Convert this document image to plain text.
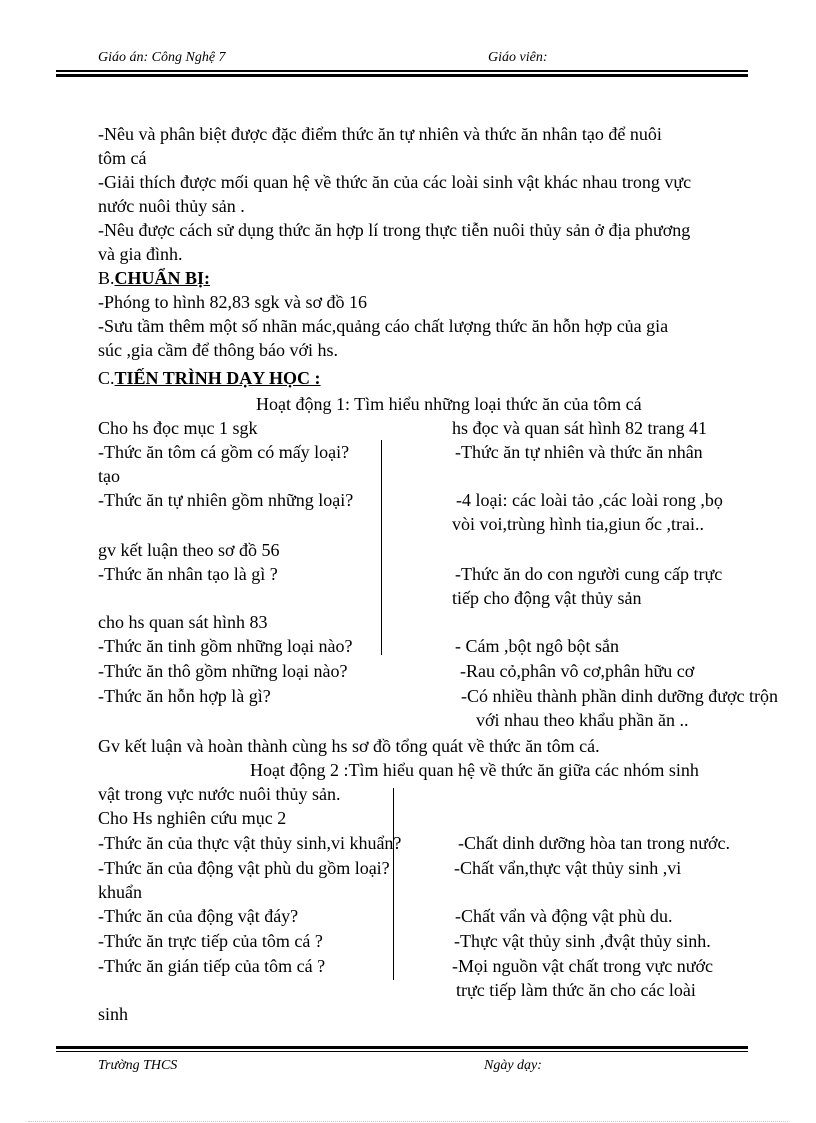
Giáo án: Công Nghệ 7	Giáo viên:
-Nêu và phân biệt được đặc điểm thức ăn tự nhiên và thức ăn nhân tạo để nuôi
tôm cá
-Giải thích được mối quan hệ về thức ăn của các loài sinh vật khác nhau trong vực
nước nuôi thủy sản .
-Nêu được cách sử dụng thức ăn hợp lí trong thực tiễn nuôi thủy sản ở địa phương
và gia đình.
B.CHUẨN BỊ:
-Phóng to hình 82,83 sgk và sơ đồ 16
-Sưu tầm thêm một số nhãn mác,quảng cáo chất lượng thức ăn hỗn hợp của gia
súc ,gia cầm để thông báo với hs.
C.TIẾN TRÌNH DẠY HỌC :
Hoạt động 1: Tìm hiểu những loại thức ăn của tôm cá
Cho hs đọc mục 1 sgk	hs đọc và quan sát hình 82 trang 41
-Thức ăn tôm cá gồm có mấy loại?	-Thức ăn tự nhiên và thức ăn nhân
tạo
-Thức ăn tự nhiên gồm những loại?	-4 loại: các loài tảo ,các loài rong ,bọ
vòi voi,trùng hình tia,giun ốc ,trai..
gv kết luận theo sơ đồ 56
-Thức ăn nhân tạo là gì ?	-Thức ăn do con người cung cấp trực
tiếp cho động vật thủy sản
cho hs quan sát hình 83
-Thức ăn tinh gồm những loại nào?	- Cám ,bột ngô bột sắn
-Thức ăn thô gồm những loại nào?	-Rau cỏ,phân vô cơ,phân hữu cơ
-Thức ăn hỗn hợp là gì?	-Có nhiều thành phần dinh dưỡng được trộn
với nhau theo khẩu phần ăn ..
Gv kết luận và hoàn thành cùng hs sơ đồ tổng quát về thức ăn tôm cá.
Hoạt động 2 :Tìm hiểu quan hệ về thức ăn giữa các nhóm sinh
vật trong vực nước nuôi thủy sản.
Cho Hs nghiên cứu mục 2
-Thức ăn của thực vật thủy sinh,vi khuẩn?	-Chất dinh dưỡng hòa tan trong nước.
-Thức ăn của động vật phù du gồm loại?	-Chất vẩn,thực vật thủy sinh ,vi
khuẩn
-Thức ăn của động vật đáy?	-Chất vẩn và động vật phù du.
-Thức ăn trực tiếp của tôm cá ?	-Thực vật thủy sinh ,đvật thủy sinh.
-Thức ăn gián tiếp của tôm cá ?	-Mọi nguồn vật chất trong vực nước
trực tiếp làm thức ăn cho các loài
sinh
Trường THCS	Ngày dạy:
